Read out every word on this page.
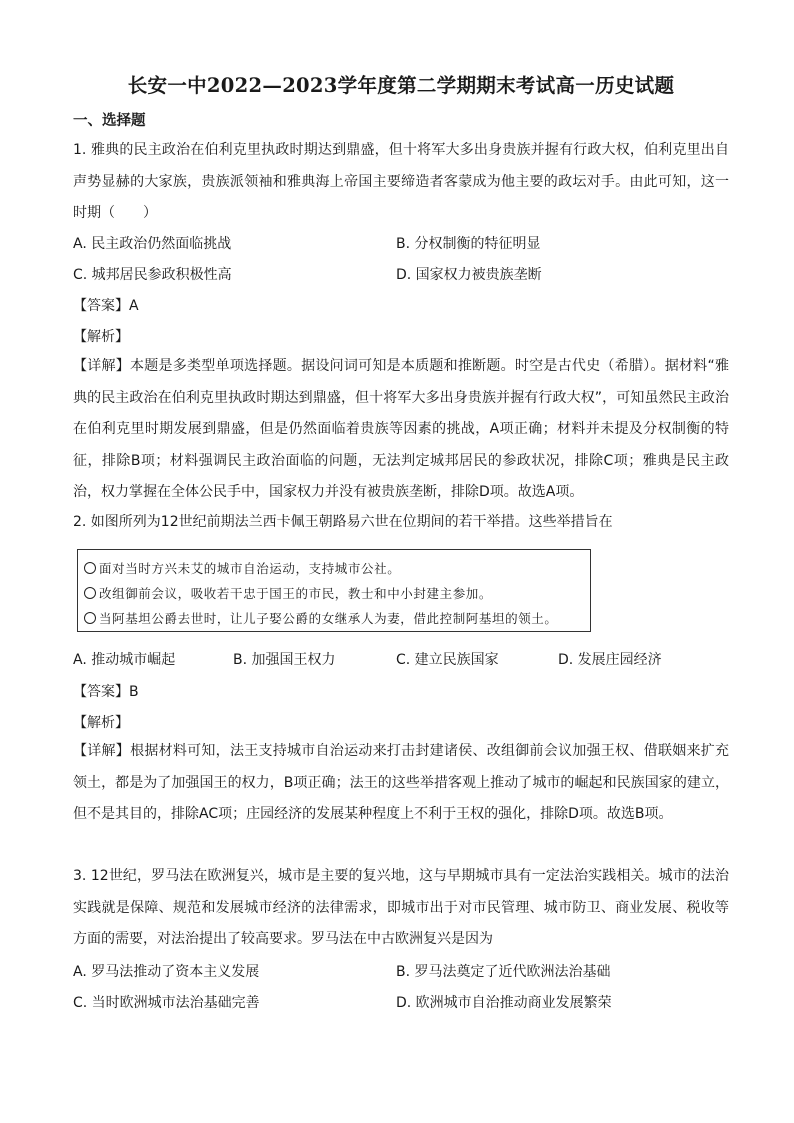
长安一中2022—2023学年度第二学期期末考试高一历史试题
一、选择题
1. 雅典的民主政治在伯利克里执政时期达到鼎盛，但十将军大多出身贵族并握有行政大权，伯利克里出自声势显赫的大家族，贵族派领袖和雅典海上帝国主要缔造者客蒙成为他主要的政坛对手。由此可知，这一时期（　　）
A. 民主政治仍然面临挑战	B. 分权制衡的特征明显
C. 城邦居民参政积极性高	D. 国家权力被贵族垄断
【答案】A
【解析】
【详解】本题是多类型单项选择题。据设问词可知是本质题和推断题。时空是古代史（希腊）。据材料“雅典的民主政治在伯利克里执政时期达到鼎盛，但十将军大多出身贵族并握有行政大权”，可知虽然民主政治在伯利克里时期发展到鼎盛，但是仍然面临着贵族等因素的挑战，A项正确；材料并未提及分权制衡的特征，排除B项；材料强调民主政治面临的问题，无法判定城邦居民的参政状况，排除C项；雅典是民主政治，权力掌握在全体公民手中，国家权力并没有被贵族垄断，排除D项。故选A项。
2. 如图所列为12世纪前期法兰西卡佩王朝路易六世在位期间的若干举措。这些举措旨在
面对当时方兴未艾的城市自治运动，支持城市公社。
改组御前会议，吸收若干忠于国王的市民，教士和中小封建主参加。
当阿基坦公爵去世时，让儿子娶公爵的女继承人为妻，借此控制阿基坦的领土。
A. 推动城市崛起	B. 加强国王权力	C. 建立民族国家	D. 发展庄园经济
【答案】B
【解析】
【详解】根据材料可知，法王支持城市自治运动来打击封建诸侯、改组御前会议加强王权、借联姻来扩充领土，都是为了加强国王的权力，B项正确；法王的这些举措客观上推动了城市的崛起和民族国家的建立，但不是其目的，排除AC项；庄园经济的发展某种程度上不利于王权的强化，排除D项。故选B项。
3. 12世纪，罗马法在欧洲复兴，城市是主要的复兴地，这与早期城市具有一定法治实践相关。城市的法治实践就是保障、规范和发展城市经济的法律需求，即城市出于对市民管理、城市防卫、商业发展、税收等方面的需要，对法治提出了较高要求。罗马法在中古欧洲复兴是因为
A. 罗马法推动了资本主义发展	B. 罗马法奠定了近代欧洲法治基础
C. 当时欧洲城市法治基础完善	D. 欧洲城市自治推动商业发展繁荣
